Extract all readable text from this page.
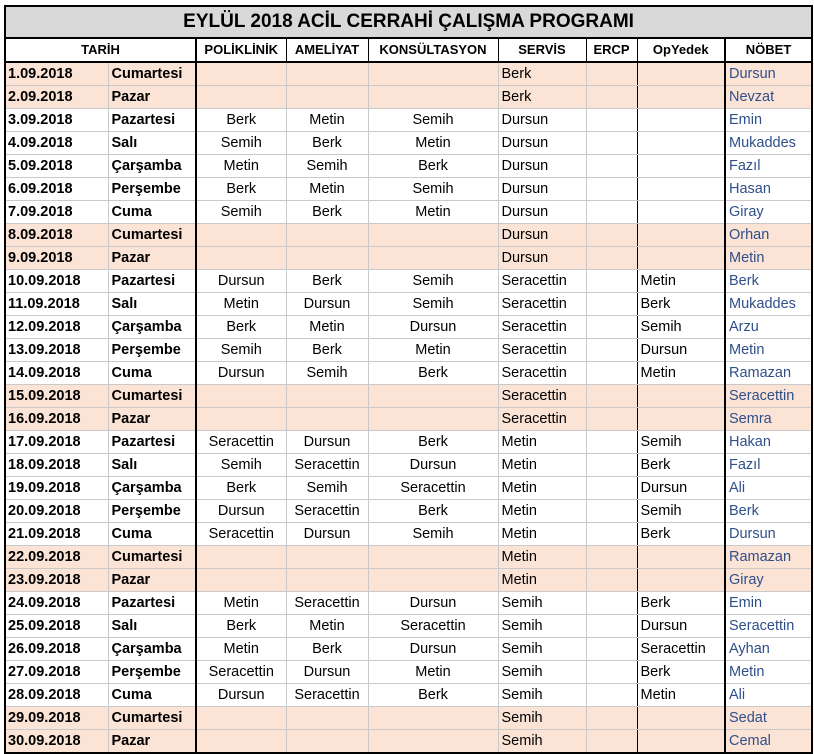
EYLÜL 2018 ACİL CERRAHİ ÇALIŞMA PROGRAMI								
TARİH		POLİKLİNİK	AMELİYAT	KONSÜLTASYON	SERVİS	ERCP	OpYedek	NÖBET
1.09.2018	Cumartesi				Berk			Dursun
2.09.2018	Pazar				Berk			Nevzat
3.09.2018	Pazartesi	Berk	Metin	Semih	Dursun			Emin
4.09.2018	Salı	Semih	Berk	Metin	Dursun			Mukaddes
5.09.2018	Çarşamba	Metin	Semih	Berk	Dursun			Fazıl
6.09.2018	Perşembe	Berk	Metin	Semih	Dursun			Hasan
7.09.2018	Cuma	Semih	Berk	Metin	Dursun			Giray
8.09.2018	Cumartesi				Dursun			Orhan
9.09.2018	Pazar				Dursun			Metin
10.09.2018	Pazartesi	Dursun	Berk	Semih	Seracettin		Metin	Berk
11.09.2018	Salı	Metin	Dursun	Semih	Seracettin		Berk	Mukaddes
12.09.2018	Çarşamba	Berk	Metin	Dursun	Seracettin		Semih	Arzu
13.09.2018	Perşembe	Semih	Berk	Metin	Seracettin		Dursun	Metin
14.09.2018	Cuma	Dursun	Semih	Berk	Seracettin		Metin	Ramazan
15.09.2018	Cumartesi				Seracettin			Seracettin
16.09.2018	Pazar				Seracettin			Semra
17.09.2018	Pazartesi	Seracettin	Dursun	Berk	Metin		Semih	Hakan
18.09.2018	Salı	Semih	Seracettin	Dursun	Metin		Berk	Fazıl
19.09.2018	Çarşamba	Berk	Semih	Seracettin	Metin		Dursun	Ali
20.09.2018	Perşembe	Dursun	Seracettin	Berk	Metin		Semih	Berk
21.09.2018	Cuma	Seracettin	Dursun	Semih	Metin		Berk	Dursun
22.09.2018	Cumartesi				Metin			Ramazan
23.09.2018	Pazar				Metin			Giray
24.09.2018	Pazartesi	Metin	Seracettin	Dursun	Semih		Berk	Emin
25.09.2018	Salı	Berk	Metin	Seracettin	Semih		Dursun	Seracettin
26.09.2018	Çarşamba	Metin	Berk	Dursun	Semih		Seracettin	Ayhan
27.09.2018	Perşembe	Seracettin	Dursun	Metin	Semih		Berk	Metin
28.09.2018	Cuma	Dursun	Seracettin	Berk	Semih		Metin	Ali
29.09.2018	Cumartesi				Semih			Sedat
30.09.2018	Pazar				Semih			Cemal
